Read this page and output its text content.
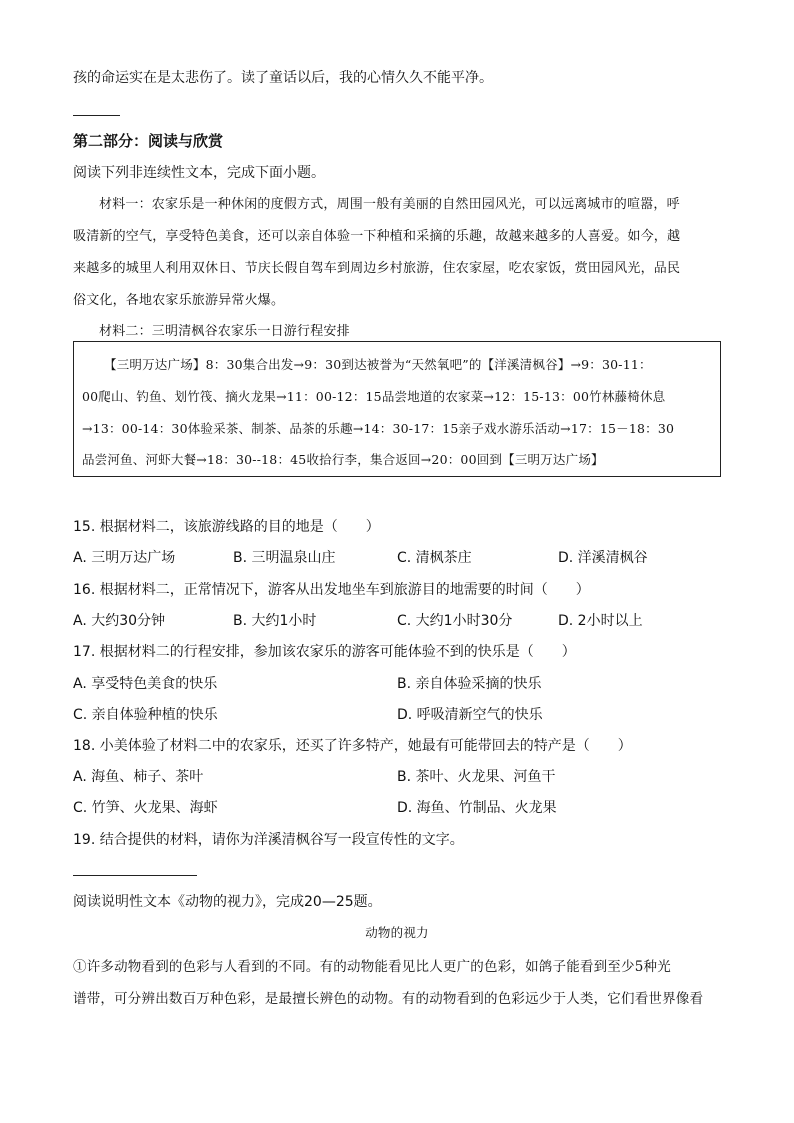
孩的命运实在是太悲伤了。读了童话以后，我的心情久久不能平净。
第二部分：阅读与欣赏
阅读下列非连续性文本，完成下面小题。
材料一：农家乐是一种休闲的度假方式，周围一般有美丽的自然田园风光，可以远离城市的喧嚣，呼
吸清新的空气，享受特色美食，还可以亲自体验一下种植和采摘的乐趣，故越来越多的人喜爱。如今，越
来越多的城里人利用双休日、节庆长假自驾车到周边乡村旅游，住农家屋，吃农家饭，赏田园风光，品民
俗文化，各地农家乐旅游异常火爆。
材料二：三明清枫谷农家乐一日游行程安排
【三明万达广场】8：30集合出发→9：30到达被誉为“天然氧吧”的【洋溪清枫谷】→9：30-11：
00爬山、钓鱼、划竹筏、摘火龙果→11：00-12：15品尝地道的农家菜→12：15-13：00竹林藤椅休息
→13：00-14：30体验采茶、制茶、品茶的乐趣→14：30-17：15亲子戏水游乐活动→17：15－18：30
品尝河鱼、河虾大餐→18：30--18：45收拾行李，集合返回→20：00回到【三明万达广场】
15. 根据材料二，该旅游线路的目的地是（　　）
A. 三明万达广场	B. 三明温泉山庄	C. 清枫茶庄	D. 洋溪清枫谷
16. 根据材料二，正常情况下，游客从出发地坐车到旅游目的地需要的时间（　　）
A. 大约30分钟	B. 大约1小时	C. 大约1小时30分	D. 2小时以上
17. 根据材料二的行程安排，参加该农家乐的游客可能体验不到的快乐是（　　）
A. 享受特色美食的快乐	B. 亲自体验采摘的快乐
C. 亲自体验种植的快乐	D. 呼吸清新空气的快乐
18. 小美体验了材料二中的农家乐，还买了许多特产，她最有可能带回去的特产是（　　）
A. 海鱼、柿子、茶叶	B. 茶叶、火龙果、河鱼干
C. 竹笋、火龙果、海虾	D. 海鱼、竹制品、火龙果
19. 结合提供的材料，请你为洋溪清枫谷写一段宣传性的文字。
阅读说明性文本《动物的视力》，完成20—25题。
动物的视力
①许多动物看到的色彩与人看到的不同。有的动物能看见比人更广的色彩，如鸽子能看到至少5种光
谱带，可分辨出数百万种色彩，是最擅长辨色的动物。有的动物看到的色彩远少于人类，它们看世界像看
